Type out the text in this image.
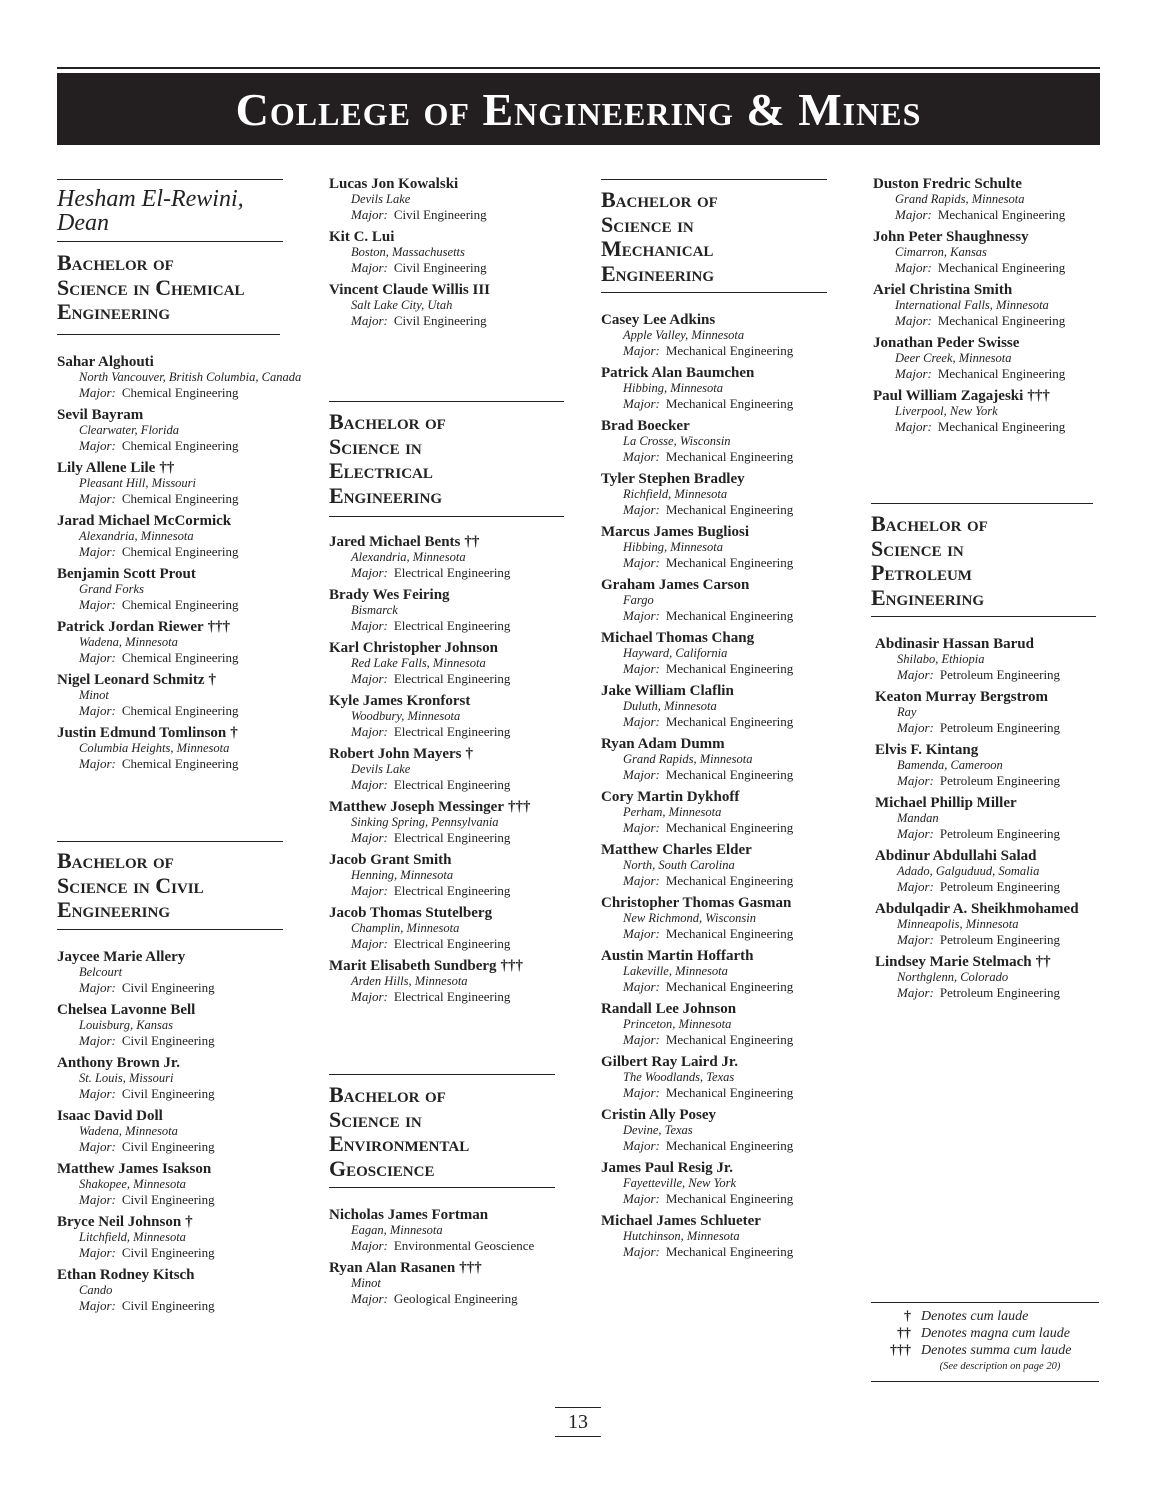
College of Engineering & Mines
Hesham El-Rewini,
Dean
Bachelor of
Science in Chemical
Engineering
Sahar Alghouti
North Vancouver, British Columbia, Canada
Major: Chemical Engineering
Sevil Bayram
Clearwater, Florida
Major: Chemical Engineering
Lily Allene Lile ††
Pleasant Hill, Missouri
Major: Chemical Engineering
Jarad Michael McCormick
Alexandria, Minnesota
Major: Chemical Engineering
Benjamin Scott Prout
Grand Forks
Major: Chemical Engineering
Patrick Jordan Riewer †††
Wadena, Minnesota
Major: Chemical Engineering
Nigel Leonard Schmitz †
Minot
Major: Chemical Engineering
Justin Edmund Tomlinson †
Columbia Heights, Minnesota
Major: Chemical Engineering
Bachelor of
Science in Civil
Engineering
Jaycee Marie Allery
Belcourt
Major: Civil Engineering
Chelsea Lavonne Bell
Louisburg, Kansas
Major: Civil Engineering
Anthony Brown Jr.
St. Louis, Missouri
Major: Civil Engineering
Isaac David Doll
Wadena, Minnesota
Major: Civil Engineering
Matthew James Isakson
Shakopee, Minnesota
Major: Civil Engineering
Bryce Neil Johnson †
Litchfield, Minnesota
Major: Civil Engineering
Ethan Rodney Kitsch
Cando
Major: Civil Engineering
Lucas Jon Kowalski
Devils Lake
Major: Civil Engineering
Kit C. Lui
Boston, Massachusetts
Major: Civil Engineering
Vincent Claude Willis III
Salt Lake City, Utah
Major: Civil Engineering
Bachelor of
Science in
Electrical
Engineering
Jared Michael Bents ††
Alexandria, Minnesota
Major: Electrical Engineering
Brady Wes Feiring
Bismarck
Major: Electrical Engineering
Karl Christopher Johnson
Red Lake Falls, Minnesota
Major: Electrical Engineering
Kyle James Kronforst
Woodbury, Minnesota
Major: Electrical Engineering
Robert John Mayers †
Devils Lake
Major: Electrical Engineering
Matthew Joseph Messinger †††
Sinking Spring, Pennsylvania
Major: Electrical Engineering
Jacob Grant Smith
Henning, Minnesota
Major: Electrical Engineering
Jacob Thomas Stutelberg
Champlin, Minnesota
Major: Electrical Engineering
Marit Elisabeth Sundberg †††
Arden Hills, Minnesota
Major: Electrical Engineering
Bachelor of
Science in
Environmental
Geoscience
Nicholas James Fortman
Eagan, Minnesota
Major: Environmental Geoscience
Ryan Alan Rasanen †††
Minot
Major: Geological Engineering
Bachelor of
Science in
Mechanical
Engineering
Casey Lee Adkins
Apple Valley, Minnesota
Major: Mechanical Engineering
Patrick Alan Baumchen
Hibbing, Minnesota
Major: Mechanical Engineering
Brad Boecker
La Crosse, Wisconsin
Major: Mechanical Engineering
Tyler Stephen Bradley
Richfield, Minnesota
Major: Mechanical Engineering
Marcus James Bugliosi
Hibbing, Minnesota
Major: Mechanical Engineering
Graham James Carson
Fargo
Major: Mechanical Engineering
Michael Thomas Chang
Hayward, California
Major: Mechanical Engineering
Jake William Claflin
Duluth, Minnesota
Major: Mechanical Engineering
Ryan Adam Dumm
Grand Rapids, Minnesota
Major: Mechanical Engineering
Cory Martin Dykhoff
Perham, Minnesota
Major: Mechanical Engineering
Matthew Charles Elder
North, South Carolina
Major: Mechanical Engineering
Christopher Thomas Gasman
New Richmond, Wisconsin
Major: Mechanical Engineering
Austin Martin Hoffarth
Lakeville, Minnesota
Major: Mechanical Engineering
Randall Lee Johnson
Princeton, Minnesota
Major: Mechanical Engineering
Gilbert Ray Laird Jr.
The Woodlands, Texas
Major: Mechanical Engineering
Cristin Ally Posey
Devine, Texas
Major: Mechanical Engineering
James Paul Resig Jr.
Fayetteville, New York
Major: Mechanical Engineering
Michael James Schlueter
Hutchinson, Minnesota
Major: Mechanical Engineering
Duston Fredric Schulte
Grand Rapids, Minnesota
Major: Mechanical Engineering
John Peter Shaughnessy
Cimarron, Kansas
Major: Mechanical Engineering
Ariel Christina Smith
International Falls, Minnesota
Major: Mechanical Engineering
Jonathan Peder Swisse
Deer Creek, Minnesota
Major: Mechanical Engineering
Paul William Zagajeski †††
Liverpool, New York
Major: Mechanical Engineering
Bachelor of
Science in
Petroleum
Engineering
Abdinasir Hassan Barud
Shilabo, Ethiopia
Major: Petroleum Engineering
Keaton Murray Bergstrom
Ray
Major: Petroleum Engineering
Elvis F. Kintang
Bamenda, Cameroon
Major: Petroleum Engineering
Michael Phillip Miller
Mandan
Major: Petroleum Engineering
Abdinur Abdullahi Salad
Adado, Galguduud, Somalia
Major: Petroleum Engineering
Abdulqadir A. Sheikhmohamed
Minneapolis, Minnesota
Major: Petroleum Engineering
Lindsey Marie Stelmach ††
Northglenn, Colorado
Major: Petroleum Engineering
† Denotes cum laude
†† Denotes magna cum laude
††† Denotes summa cum laude
(See description on page 20)
13
